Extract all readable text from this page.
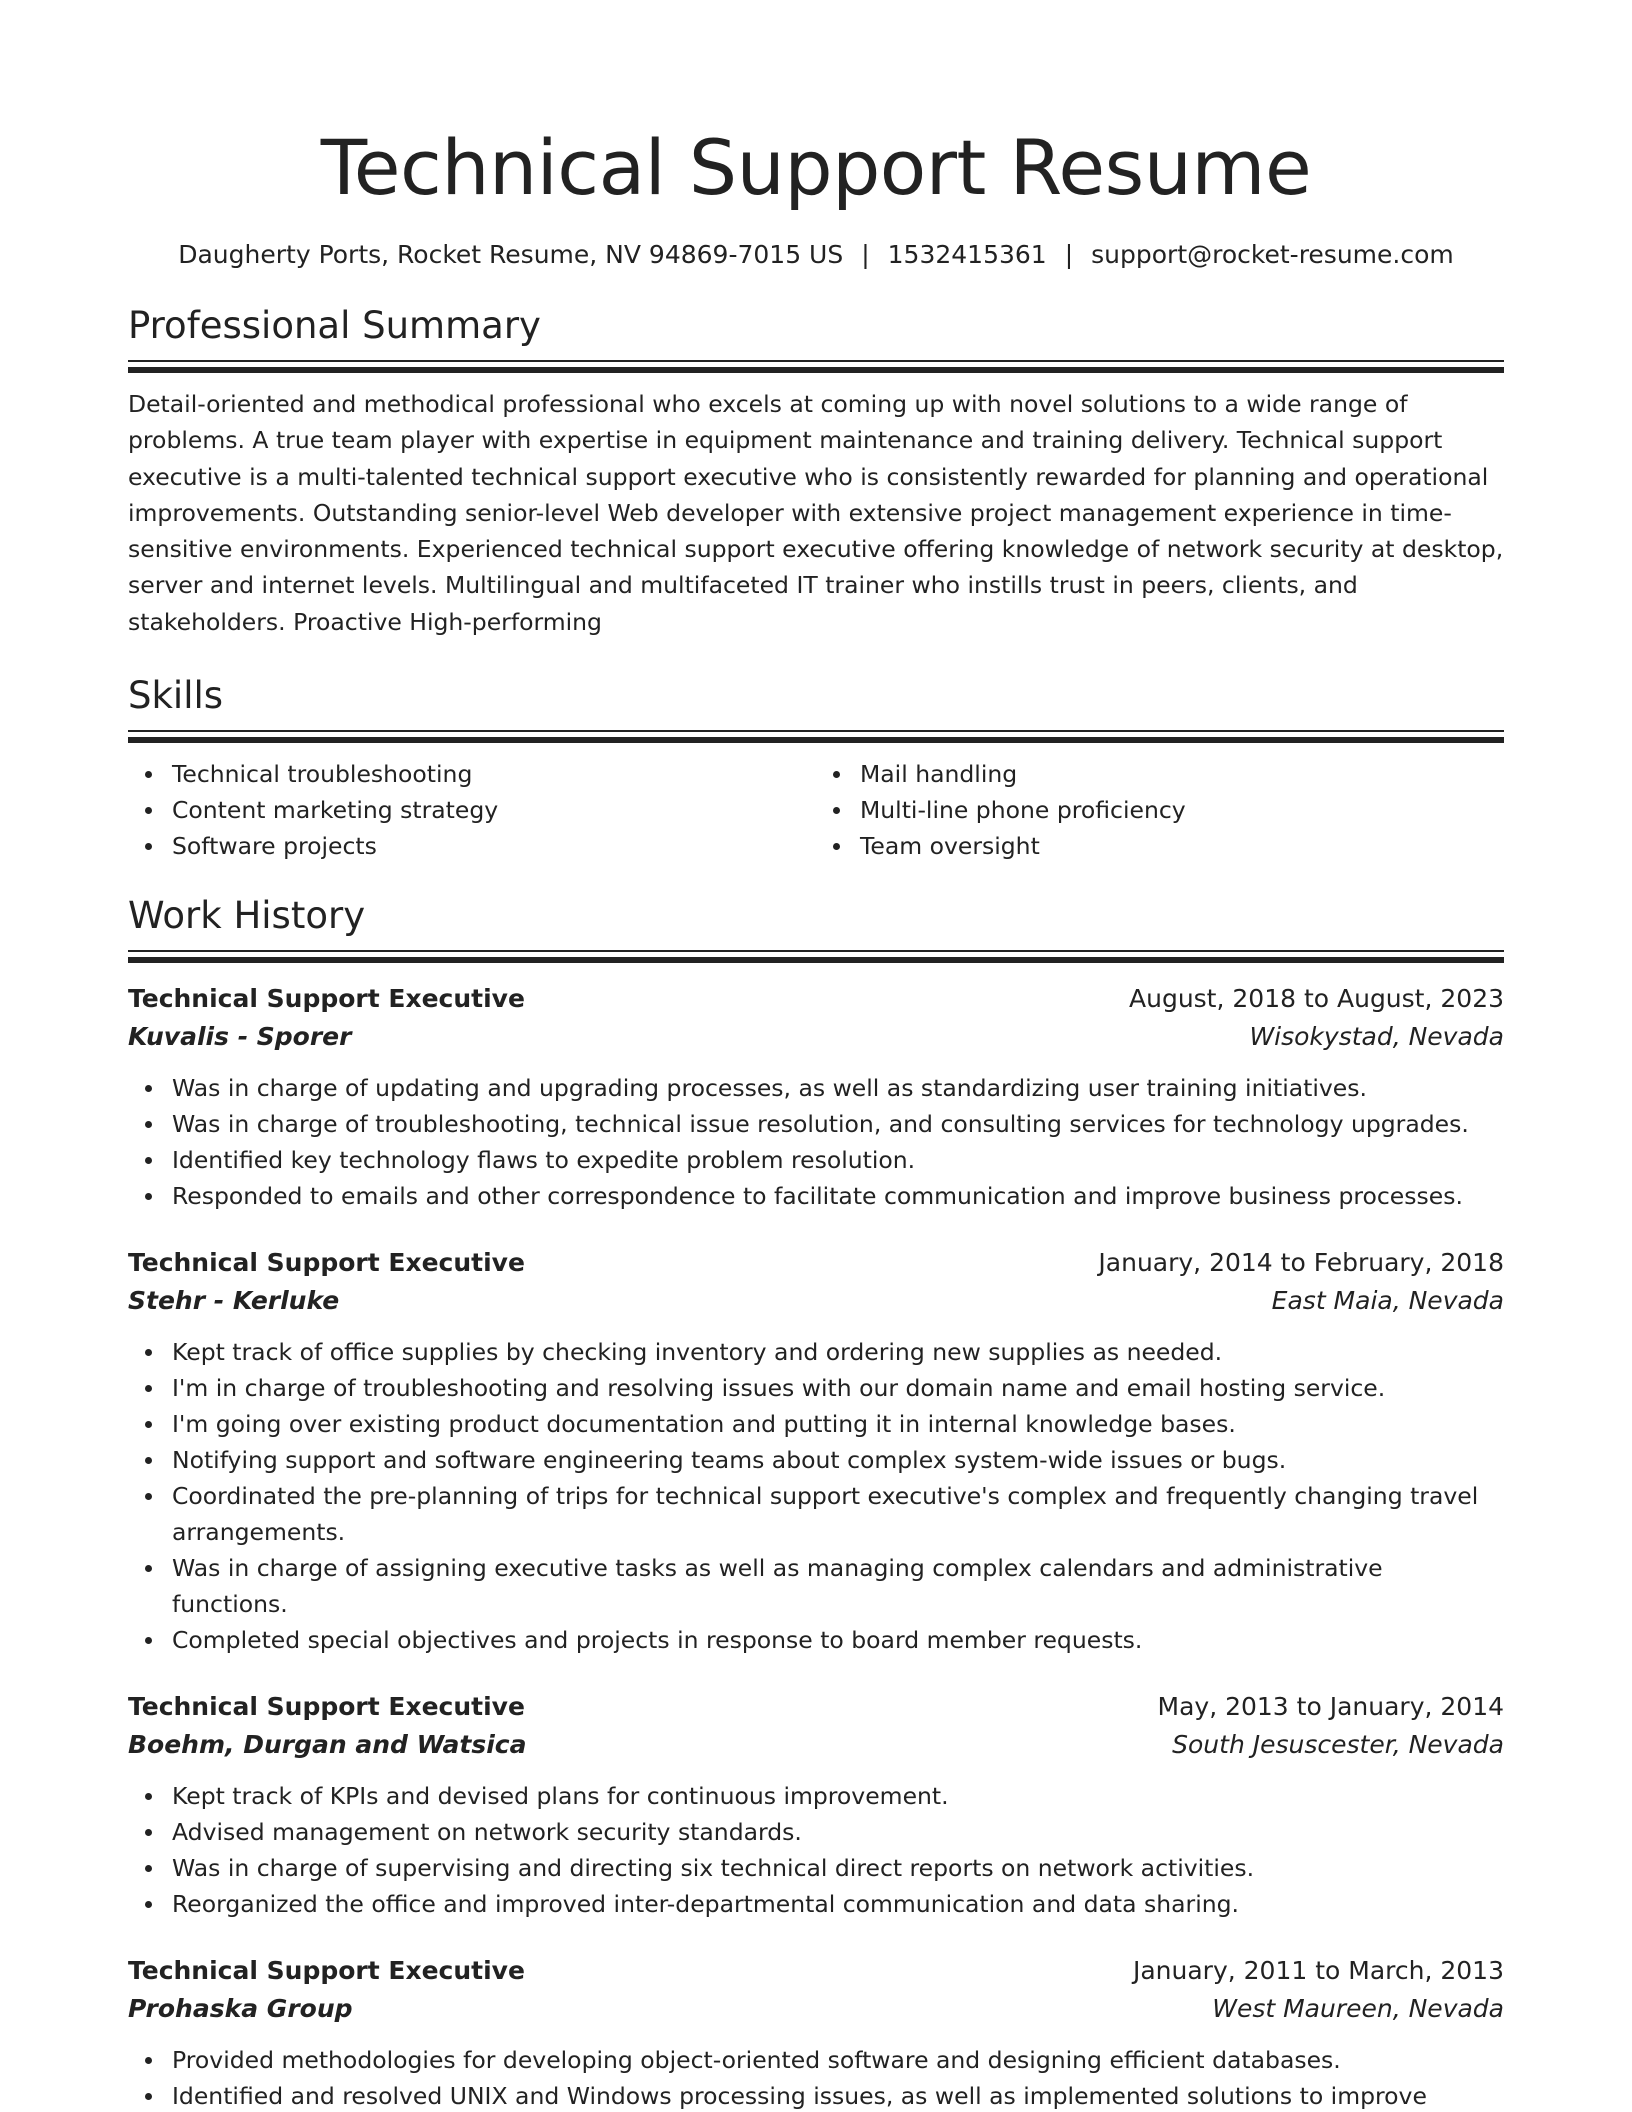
Technical Support Resume
Daugherty Ports, Rocket Resume, NV 94869-7015 US | 1532415361 | support@rocket-resume.com
Professional Summary

Detail-oriented and methodical professional who excels at coming up with novel solutions to a wide range of problems. A true team player with expertise in equipment maintenance and training delivery. Technical support executive is a multi-talented technical support executive who is consistently rewarded for planning and operational improvements. Outstanding senior-level Web developer with extensive project management experience in time-sensitive environments. Experienced technical support executive offering knowledge of network security at desktop, server and internet levels. Multilingual and multifaceted IT trainer who instills trust in peers, clients, and stakeholders. Proactive High-performing

Skills
Technical troubleshooting
Content marketing strategy
Software projects
Mail handling
Multi-line phone proficiency
Team oversight
Work History
Technical Support Executive	August, 2018 to August, 2023
Kuvalis - Sporer	Wisokystad, Nevada
Was in charge of updating and upgrading processes, as well as standardizing user training initiatives.
Was in charge of troubleshooting, technical issue resolution, and consulting services for technology upgrades.
Identified key technology flaws to expedite problem resolution.
Responded to emails and other correspondence to facilitate communication and improve business processes.
Technical Support Executive	January, 2014 to February, 2018
Stehr - Kerluke	East Maia, Nevada
Kept track of office supplies by checking inventory and ordering new supplies as needed.
I'm in charge of troubleshooting and resolving issues with our domain name and email hosting service.
I'm going over existing product documentation and putting it in internal knowledge bases.
Notifying support and software engineering teams about complex system-wide issues or bugs.
Coordinated the pre-planning of trips for technical support executive's complex and frequently changing travel arrangements.
Was in charge of assigning executive tasks as well as managing complex calendars and administrative functions.
Completed special objectives and projects in response to board member requests.
Technical Support Executive	May, 2013 to January, 2014
Boehm, Durgan and Watsica	South Jesuscester, Nevada
Kept track of KPIs and devised plans for continuous improvement.
Advised management on network security standards.
Was in charge of supervising and directing six technical direct reports on network activities.
Reorganized the office and improved inter-departmental communication and data sharing.
Technical Support Executive	January, 2011 to March, 2013
Prohaska Group	West Maureen, Nevada
Provided methodologies for developing object-oriented software and designing efficient databases.
Identified and resolved UNIX and Windows processing issues, as well as implemented solutions to improve
